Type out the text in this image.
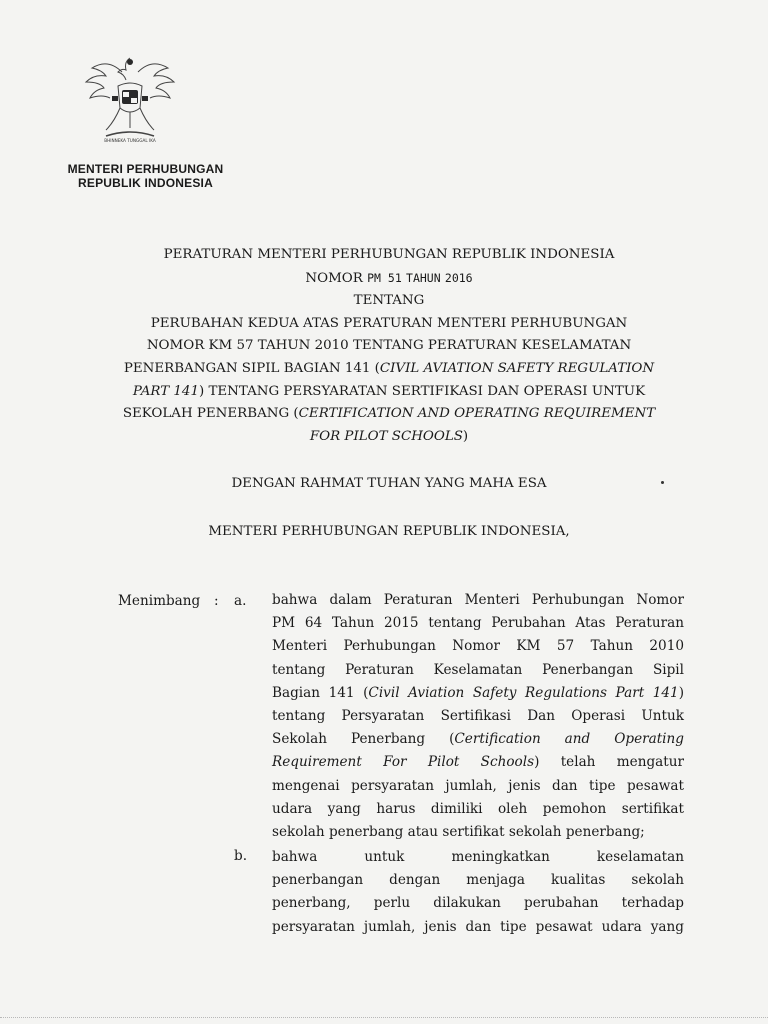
BHINNEKA TUNGGAL IKA
MENTERI PERHUBUNGAN
REPUBLIK INDONESIA
PERATURAN MENTERI PERHUBUNGAN REPUBLIK INDONESIA
NOMOR PM 51 TAHUN 2016
TENTANG
PERUBAHAN KEDUA ATAS PERATURAN MENTERI PERHUBUNGAN
NOMOR KM 57 TAHUN 2010 TENTANG PERATURAN KESELAMATAN
PENERBANGAN SIPIL BAGIAN 141 (CIVIL AVIATION SAFETY REGULATION
PART 141) TENTANG PERSYARATAN SERTIFIKASI DAN OPERASI UNTUK
SEKOLAH PENERBANG (CERTIFICATION AND OPERATING REQUIREMENT
FOR PILOT SCHOOLS)
DENGAN RAHMAT TUHAN YANG MAHA ESA
MENTERI PERHUBUNGAN REPUBLIK INDONESIA,
Menimbang : a. bahwa dalam Peraturan Menteri Perhubungan Nomor
PM 64 Tahun 2015 tentang Perubahan Atas Peraturan
Menteri Perhubungan Nomor KM 57 Tahun 2010
tentang Peraturan Keselamatan Penerbangan Sipil
Bagian 141 (Civil Aviation Safety Regulations Part 141)
tentang Persyaratan Sertifikasi Dan Operasi Untuk
Sekolah Penerbang (Certification and Operating
Requirement For Pilot Schools) telah mengatur
mengenai persyaratan jumlah, jenis dan tipe pesawat
udara yang harus dimiliki oleh pemohon sertifikat
sekolah penerbang atau sertifikat sekolah penerbang;
b. bahwa untuk meningkatkan keselamatan
penerbangan dengan menjaga kualitas sekolah
penerbang, perlu dilakukan perubahan terhadap
persyaratan jumlah, jenis dan tipe pesawat udara yang
